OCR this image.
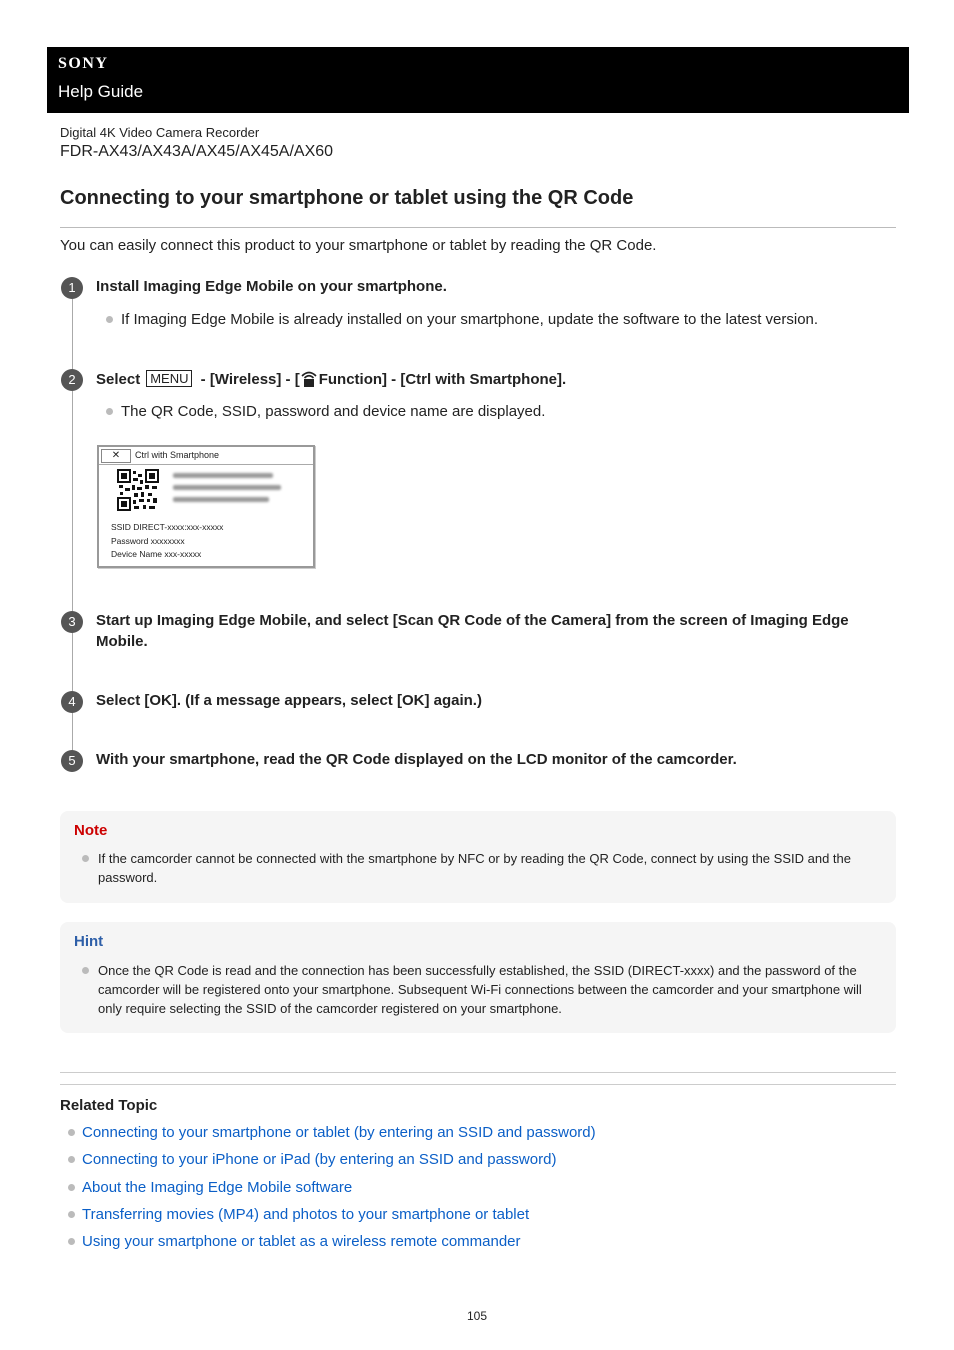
SONY
Help Guide
Digital 4K Video Camera Recorder
FDR-AX43/AX43A/AX45/AX45A/AX60
Connecting to your smartphone or tablet using the QR Code
You can easily connect this product to your smartphone or tablet by reading the QR Code.
1	Install Imaging Edge Mobile on your smartphone.
If Imaging Edge Mobile is already installed on your smartphone, update the software to the latest version.
2	Select MENU - [Wireless] - [ Function] - [Ctrl with Smartphone].
The QR Code, SSID, password and device name are displayed.
✕	Ctrl with Smartphone
SSID DIRECT-xxxx:xxx-xxxxx
Password xxxxxxxx
Device Name xxx-xxxxx
3	Start up Imaging Edge Mobile, and select [Scan QR Code of the Camera] from the screen of Imaging Edge
Mobile.
4	Select [OK]. (If a message appears, select [OK] again.)
5	With your smartphone, read the QR Code displayed on the LCD monitor of the camcorder.
Note
If the camcorder cannot be connected with the smartphone by NFC or by reading the QR Code, connect by using the SSID and the password.
Hint
Once the QR Code is read and the connection has been successfully established, the SSID (DIRECT-xxxx) and the password of the camcorder will be registered onto your smartphone. Subsequent Wi-Fi connections between the camcorder and your smartphone will only require selecting the SSID of the camcorder registered on your smartphone.
Related Topic
Connecting to your smartphone or tablet (by entering an SSID and password)
Connecting to your iPhone or iPad (by entering an SSID and password)
About the Imaging Edge Mobile software
Transferring movies (MP4) and photos to your smartphone or tablet
Using your smartphone or tablet as a wireless remote commander
105
